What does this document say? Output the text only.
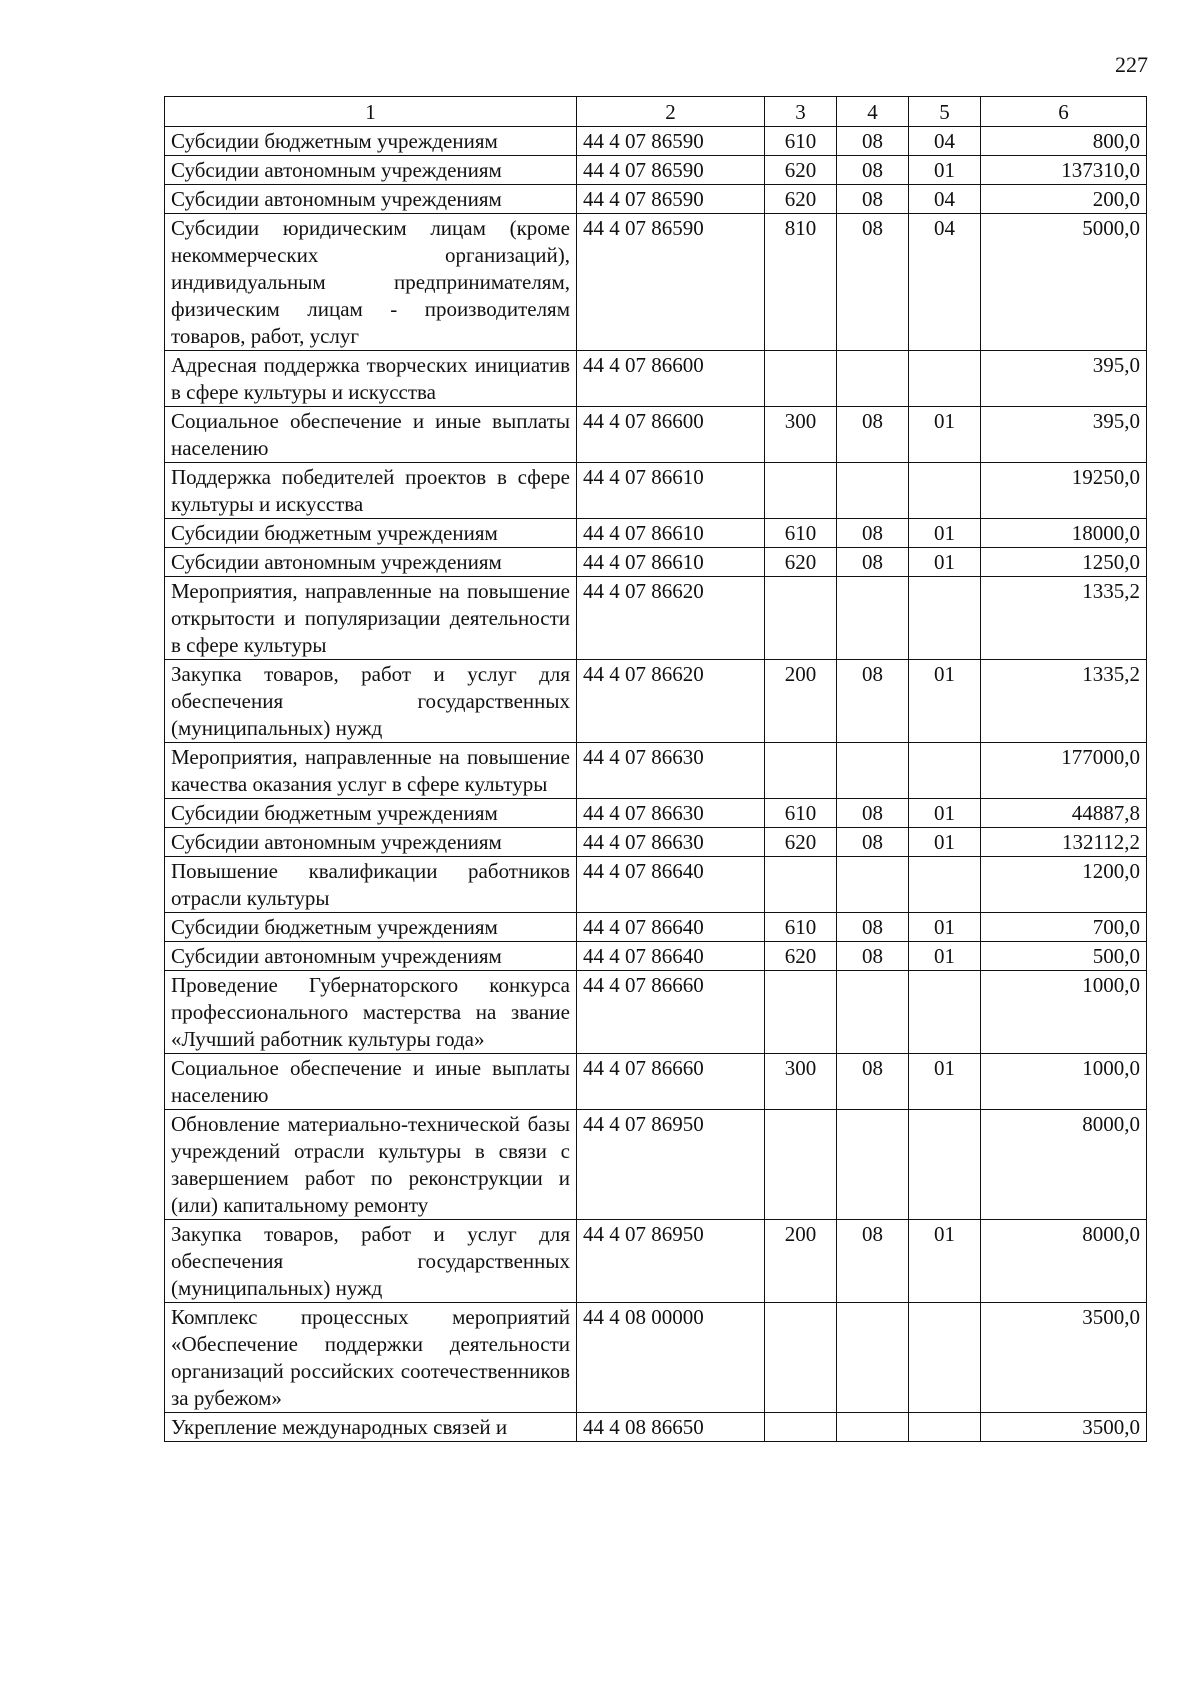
227
1	2	3	4	5	6
Субсидии бюджетным учреждениям	44 4 07 86590	610	08	04	800,0
Субсидии автономным учреждениям	44 4 07 86590	620	08	01	137310,0
Субсидии автономным учреждениям	44 4 07 86590	620	08	04	200,0
Субсидии юридическим лицам (кроме некоммерческих организаций), индивидуальным предпринимателям, физическим лицам - производителям товаров, работ, услуг	44 4 07 86590	810	08	04	5000,0
Адресная поддержка творческих инициатив в сфере культуры и искусства	44 4 07 86600				395,0
Социальное обеспечение и иные выплаты населению	44 4 07 86600	300	08	01	395,0
Поддержка победителей проектов в сфере культуры и искусства	44 4 07 86610				19250,0
Субсидии бюджетным учреждениям	44 4 07 86610	610	08	01	18000,0
Субсидии автономным учреждениям	44 4 07 86610	620	08	01	1250,0
Мероприятия, направленные на повышение открытости и популяризации деятельности в сфере культуры	44 4 07 86620				1335,2
Закупка товаров, работ и услуг для обеспечения государственных (муниципальных) нужд	44 4 07 86620	200	08	01	1335,2
Мероприятия, направленные на повышение качества оказания услуг в сфере культуры	44 4 07 86630				177000,0
Субсидии бюджетным учреждениям	44 4 07 86630	610	08	01	44887,8
Субсидии автономным учреждениям	44 4 07 86630	620	08	01	132112,2
Повышение квалификации работников отрасли культуры	44 4 07 86640				1200,0
Субсидии бюджетным учреждениям	44 4 07 86640	610	08	01	700,0
Субсидии автономным учреждениям	44 4 07 86640	620	08	01	500,0
Проведение Губернаторского конкурса профессионального мастерства на звание «Лучший работник культуры года»	44 4 07 86660				1000,0
Социальное обеспечение и иные выплаты населению	44 4 07 86660	300	08	01	1000,0
Обновление материально-технической базы учреждений отрасли культуры в связи с завершением работ по реконструкции и (или) капитальному ремонту	44 4 07 86950				8000,0
Закупка товаров, работ и услуг для обеспечения государственных (муниципальных) нужд	44 4 07 86950	200	08	01	8000,0
Комплекс процессных мероприятий «Обеспечение поддержки деятельности организаций российских соотечественников за рубежом»	44 4 08 00000				3500,0
Укрепление международных связей и	44 4 08 86650				3500,0
